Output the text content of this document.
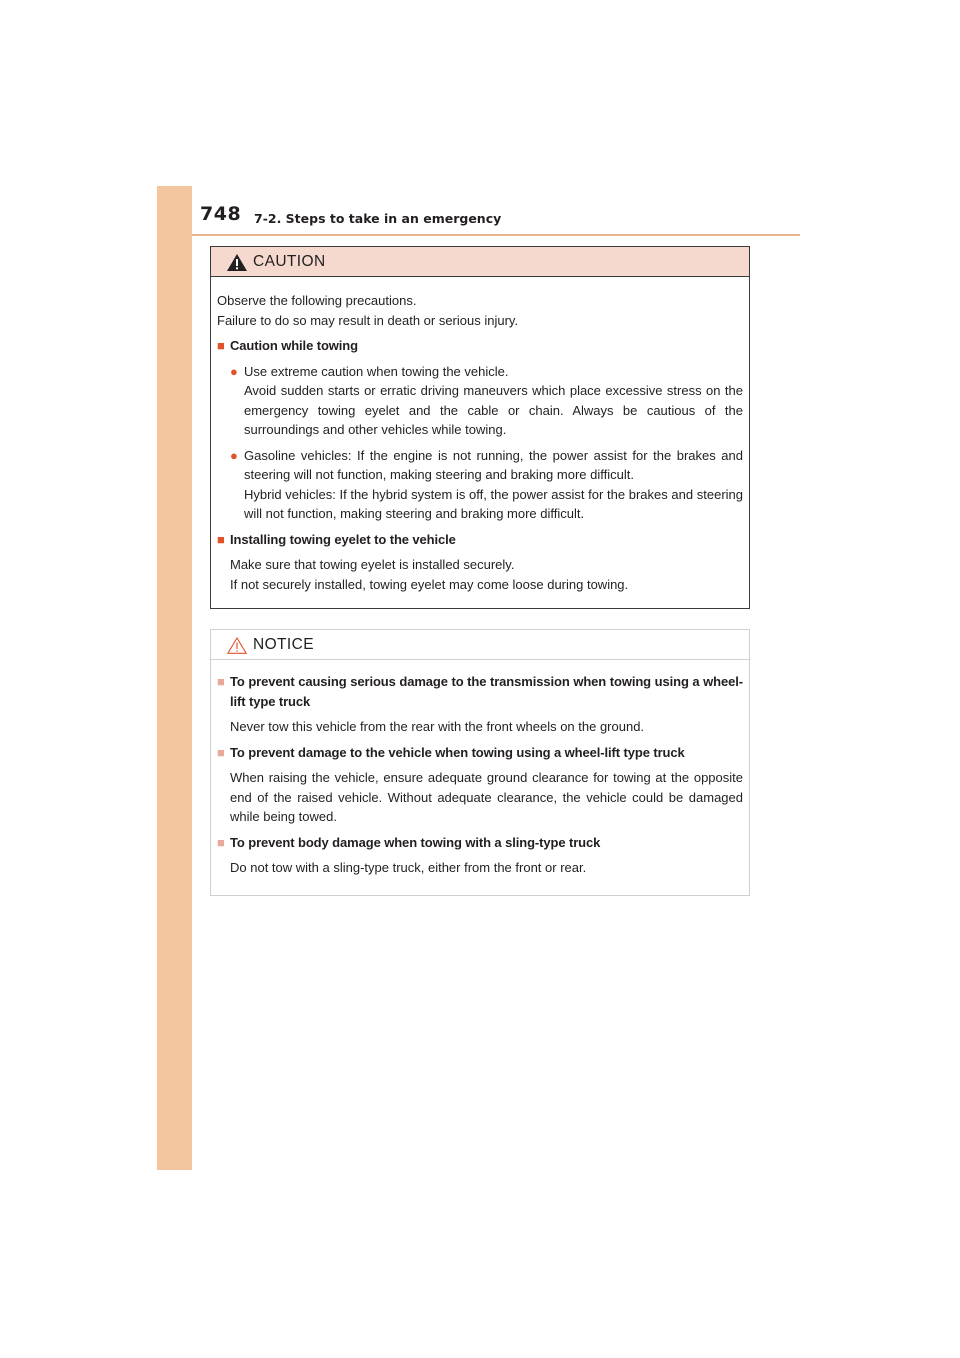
748 7-2. Steps to take in an emergency
CAUTION

Observe the following precautions.

Failure to do so may result in death or serious injury.

■ Caution while towing
● Use extreme caution when towing the vehicle.
Avoid sudden starts or erratic driving maneuvers which place excessive stress on the emergency towing eyelet and the cable or chain. Always be cautious of the surroundings and other vehicles while towing.
● Gasoline vehicles: If the engine is not running, the power assist for the brakes and steering will not function, making steering and braking more difficult.
Hybrid vehicles: If the hybrid system is off, the power assist for the brakes and steering will not function, making steering and braking more difficult.
■ Installing towing eyelet to the vehicle
Make sure that towing eyelet is installed securely.
If not securely installed, towing eyelet may come loose during towing.
NOTICE
■ To prevent causing serious damage to the transmission when towing using a wheel-lift type truck
Never tow this vehicle from the rear with the front wheels on the ground.
■ To prevent damage to the vehicle when towing using a wheel-lift type truck
When raising the vehicle, ensure adequate ground clearance for towing at the opposite end of the raised vehicle. Without adequate clearance, the vehicle could be damaged while being towed.
■ To prevent body damage when towing with a sling-type truck
Do not tow with a sling-type truck, either from the front or rear.
